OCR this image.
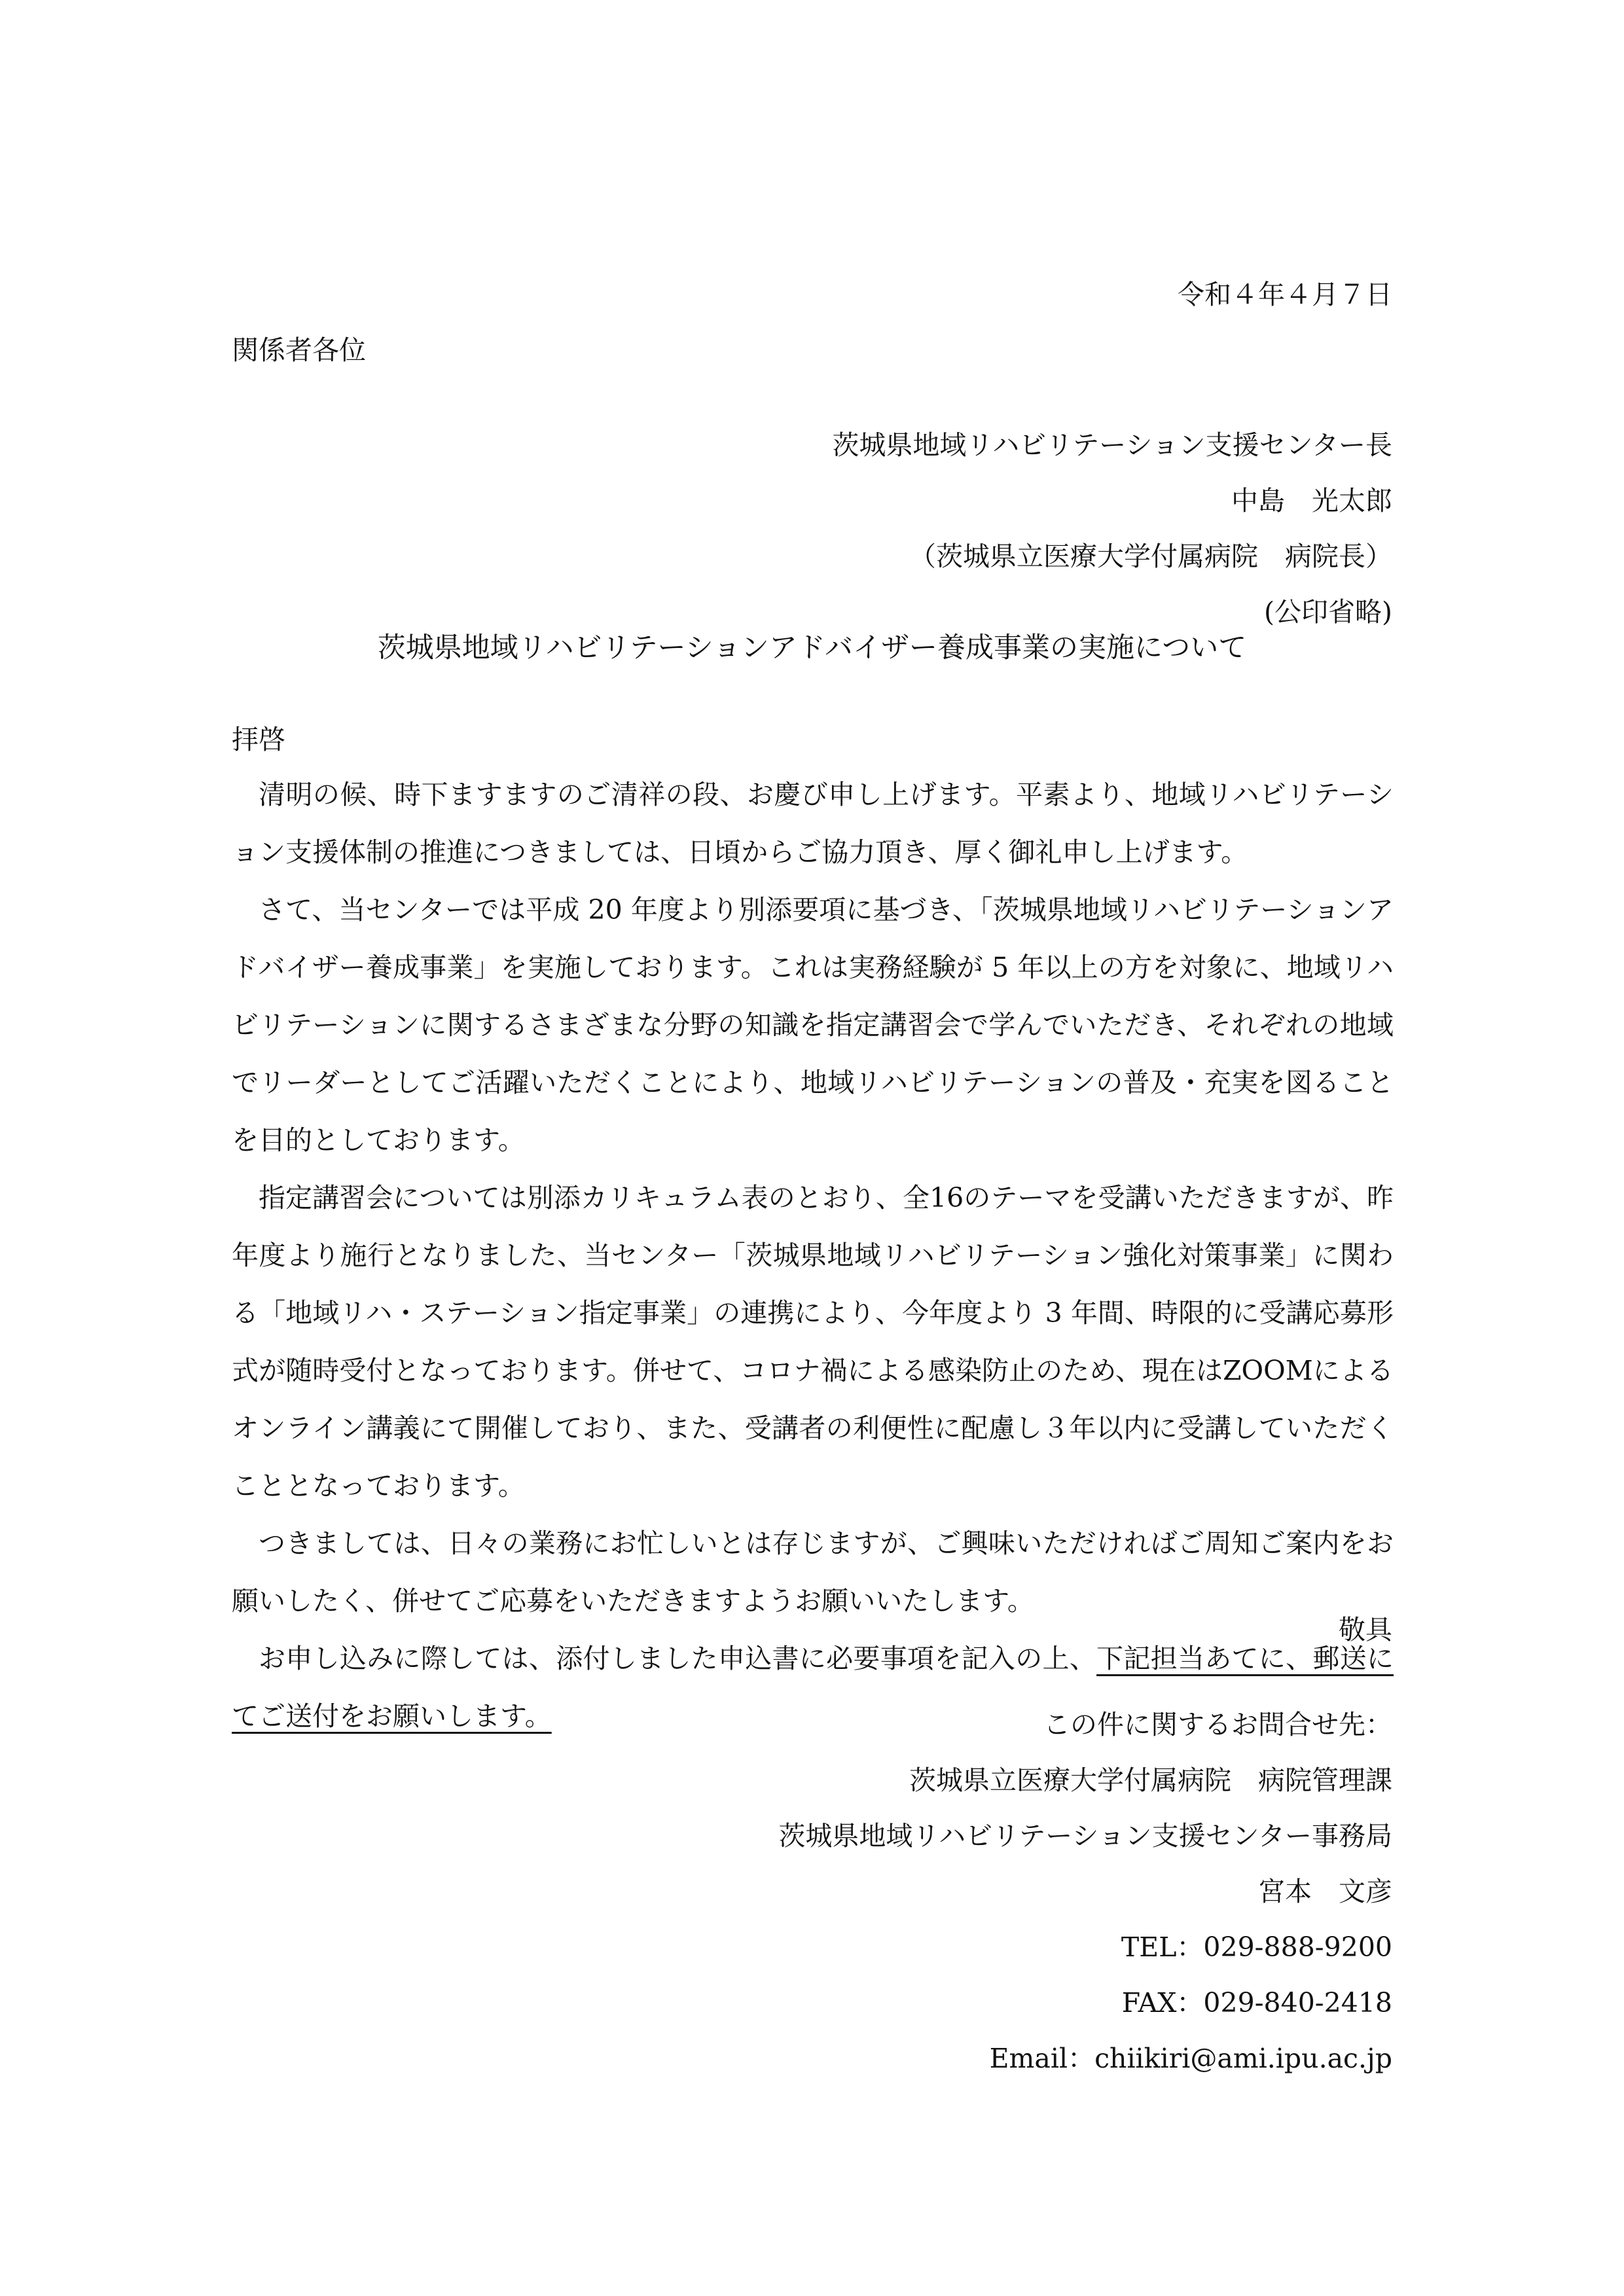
令和４年４月７日
関係者各位
茨城県地域リハビリテーション支援センター長
中島　光太郎
（茨城県立医療大学付属病院　病院長）
(公印省略)
茨城県地域リハビリテーションアドバイザー養成事業の実施について
拝啓

清明の候、時下ますますのご清祥の段、お慶び申し上げます。平素より、地域リハビリテーション支援体制の推進につきましては、日頃からご協力頂き、厚く御礼申し上げます。

さて、当センターでは平成 20 年度より別添要項に基づき、「茨城県地域リハビリテーションアドバイザー養成事業」を実施しております。これは実務経験が 5 年以上の方を対象に、地域リハビリテーションに関するさまざまな分野の知識を指定講習会で学んでいただき、それぞれの地域でリーダーとしてご活躍いただくことにより、地域リハビリテーションの普及・充実を図ることを目的としております。

指定講習会については別添カリキュラム表のとおり、全16のテーマを受講いただきますが、昨年度より施行となりました、当センター「茨城県地域リハビリテーション強化対策事業」に関わる「地域リハ・ステーション指定事業」の連携により、今年度より 3 年間、時限的に受講応募形式が随時受付となっております。併せて、コロナ禍による感染防止のため、現在はZOOMによるオンライン講義にて開催しており、また、受講者の利便性に配慮し３年以内に受講していただくこととなっております。

つきましては、日々の業務にお忙しいとは存じますが、ご興味いただければご周知ご案内をお願いしたく、併せてご応募をいただきますようお願いいたします。

お申し込みに際しては、添付しました申込書に必要事項を記入の上、下記担当あてに、郵送にてご送付をお願いします。

敬具
この件に関するお問合せ先：
茨城県立医療大学付属病院　病院管理課
茨城県地域リハビリテーション支援センター事務局
宮本　文彦
TEL：029-888-9200
FAX：029-840-2418
Email：chiikiri@ami.ipu.ac.jp
